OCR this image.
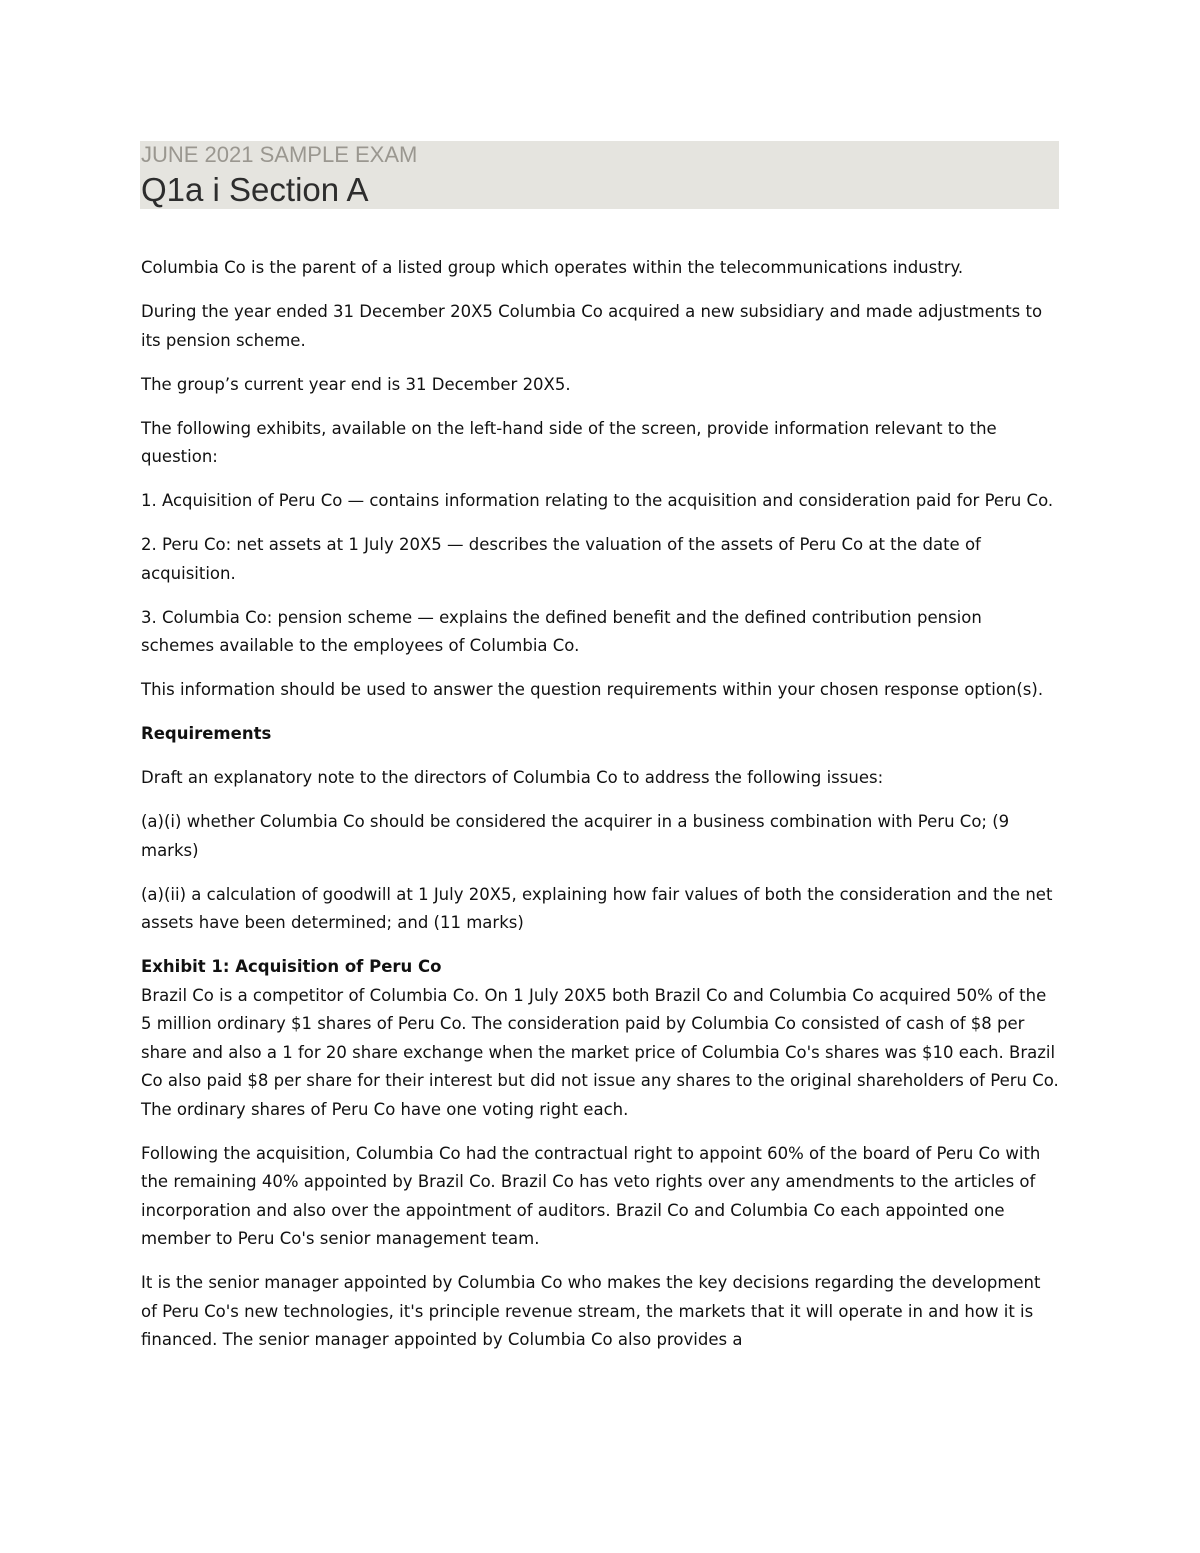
JUNE 2021 SAMPLE EXAM
Q1a i Section A

Columbia Co is the parent of a listed group which operates within the telecommunications industry.

During the year ended 31 December 20X5 Columbia Co acquired a new subsidiary and made adjustments to its pension scheme.

The group’s current year end is 31 December 20X5.

The following exhibits, available on the left-hand side of the screen, provide information relevant to the question:

1. Acquisition of Peru Co — contains information relating to the acquisition and consideration paid for Peru Co.

2. Peru Co: net assets at 1 July 20X5 — describes the valuation of the assets of Peru Co at the date of acquisition.

3. Columbia Co: pension scheme — explains the defined benefit and the defined contribution pension schemes available to the employees of Columbia Co.

This information should be used to answer the question requirements within your chosen response option(s).

Requirements

Draft an explanatory note to the directors of Columbia Co to address the following issues:

(a)(i) whether Columbia Co should be considered the acquirer in a business combination with Peru Co; (9 marks)

(a)(ii) a calculation of goodwill at 1 July 20X5, explaining how fair values of both the consideration and the net assets have been determined; and (11 marks)

Exhibit 1: Acquisition of Peru Co

Brazil Co is a competitor of Columbia Co. On 1 July 20X5 both Brazil Co and Columbia Co acquired 50% of the 5 million ordinary $1 shares of Peru Co. The consideration paid by Columbia Co consisted of cash of $8 per share and also a 1 for 20 share exchange when the market price of Columbia Co's shares was $10 each. Brazil Co also paid $8 per share for their interest but did not issue any shares to the original shareholders of Peru Co. The ordinary shares of Peru Co have one voting right each.

Following the acquisition, Columbia Co had the contractual right to appoint 60% of the board of Peru Co with the remaining 40% appointed by Brazil Co. Brazil Co has veto rights over any amendments to the articles of incorporation and also over the appointment of auditors. Brazil Co and Columbia Co each appointed one member to Peru Co's senior management team.

It is the senior manager appointed by Columbia Co who makes the key decisions regarding the development of Peru Co's new technologies, it's principle revenue stream, the markets that it will operate in and how it is financed. The senior manager appointed by Columbia Co also provides a
